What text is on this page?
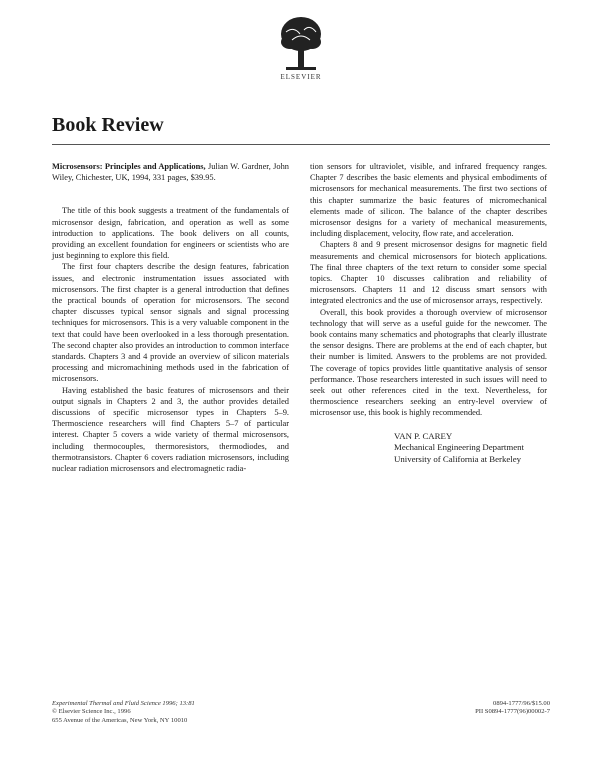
ELSEVIER
Book Review

Microsensors: Principles and Applications, Julian W. Gardner, John Wiley, Chichester, UK, 1994, 331 pages, $39.95.

The title of this book suggests a treatment of the fundamentals of microsensor design, fabrication, and operation as well as some introduction to applications. The book delivers on all counts, providing an excellent foundation for engineers or scientists who are just beginning to explore this field.

The first four chapters describe the design features, fabrication issues, and electronic instrumentation issues associated with microsensors. The first chapter is a general introduction that defines the practical bounds of operation for microsensors. The second chapter discusses typical sensor signals and signal processing techniques for microsensors. This is a very valuable component in the text that could have been overlooked in a less thorough presentation. The second chapter also provides an introduction to common interface standards. Chapters 3 and 4 provide an overview of silicon materials processing and micromachining methods used in the fabrication of microsensors.

Having established the basic features of microsensors and their output signals in Chapters 2 and 3, the author provides detailed discussions of specific microsensor types in Chapters 5–9. Thermoscience researchers will find Chapters 5–7 of particular interest. Chapter 5 covers a wide variety of thermal microsensors, including thermocouples, thermoresistors, thermodiodes, and thermotransistors. Chapter 6 covers radiation microsensors, including nuclear radiation microsensors and electromagnetic radia-

tion sensors for ultraviolet, visible, and infrared frequency ranges. Chapter 7 describes the basic elements and physical embodiments of microsensors for mechanical measurements. The first two sections of this chapter summarize the basic features of micromechanical elements made of silicon. The balance of the chapter describes microsensor designs for a variety of mechanical measurements, including displacement, velocity, flow rate, and acceleration.

Chapters 8 and 9 present microsensor designs for magnetic field measurements and chemical microsensors for biotech applications. The final three chapters of the text return to consider some special topics. Chapter 10 discusses calibration and reliability of microsensors. Chapters 11 and 12 discuss smart sensors with integrated electronics and the use of microsensor arrays, respectively.

Overall, this book provides a thorough overview of microsensor technology that will serve as a useful guide for the newcomer. The book contains many schematics and photographs that clearly illustrate the sensor designs. There are problems at the end of each chapter, but their number is limited. Answers to the problems are not provided. The coverage of topics provides little quantitative analysis of sensor performance. Those researchers interested in such issues will need to seek out other references cited in the text. Nevertheless, for thermoscience researchers seeking an entry-level overview of microsensor use, this book is highly recommended.

VAN P. CAREY
Mechanical Engineering Department
University of California at Berkeley
Experimental Thermal and Fluid Science 1996; 13:81
© Elsevier Science Inc., 1996
655 Avenue of the Americas, New York, NY 10010
0894-1777/96/$15.00
PII S0894-1777(96)00002-7
